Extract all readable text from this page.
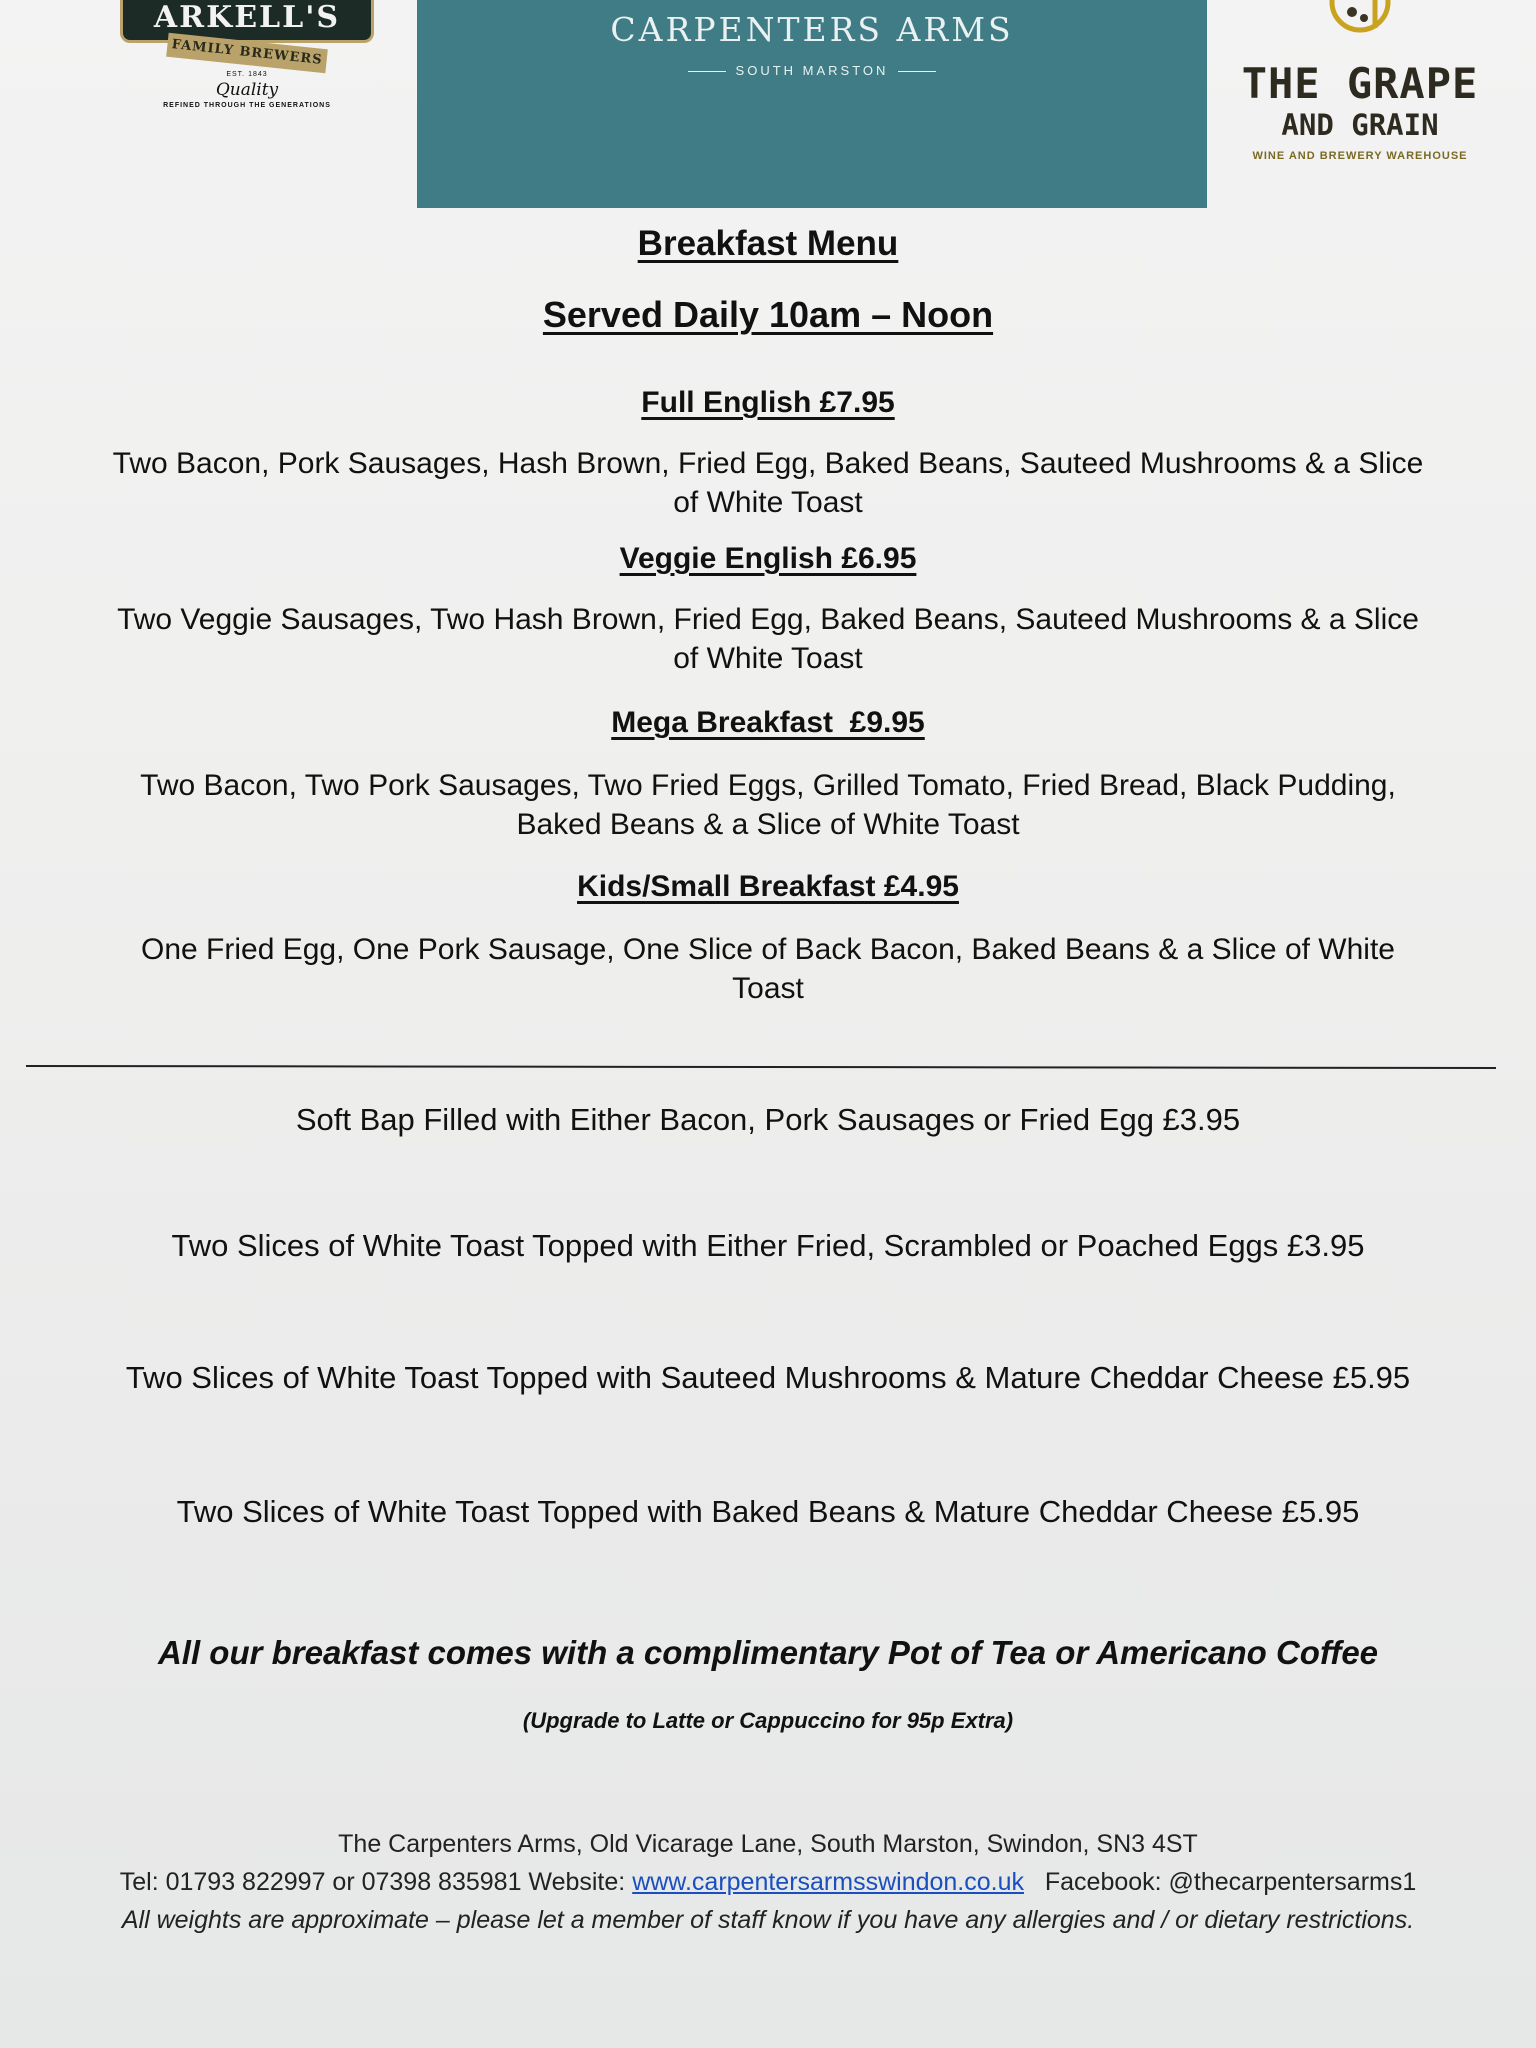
ARKELL'S
FAMILY BREWERS
EST. 1843
Quality
REFINED THROUGH THE GENERATIONS
CARPENTERS ARMS
SOUTH MARSTON	THE GRAPE
AND GRAIN
WINE AND BREWERY WAREHOUSE
Breakfast Menu
Served Daily 10am – Noon
Full English £7.95
Two Bacon, Pork Sausages, Hash Brown, Fried Egg, Baked Beans, Sauteed Mushrooms & a Slice
of White Toast
Veggie English £6.95
Two Veggie Sausages, Two Hash Brown, Fried Egg, Baked Beans, Sauteed Mushrooms & a Slice
of White Toast
Mega Breakfast  £9.95
Two Bacon, Two Pork Sausages, Two Fried Eggs, Grilled Tomato, Fried Bread, Black Pudding,
Baked Beans & a Slice of White Toast
Kids/Small Breakfast £4.95
One Fried Egg, One Pork Sausage, One Slice of Back Bacon, Baked Beans & a Slice of White
Toast
Soft Bap Filled with Either Bacon, Pork Sausages or Fried Egg £3.95
Two Slices of White Toast Topped with Either Fried, Scrambled or Poached Eggs £3.95
Two Slices of White Toast Topped with Sauteed Mushrooms & Mature Cheddar Cheese £5.95
Two Slices of White Toast Topped with Baked Beans & Mature Cheddar Cheese £5.95
All our breakfast comes with a complimentary Pot of Tea or Americano Coffee
(Upgrade to Latte or Cappuccino for 95p Extra)
The Carpenters Arms, Old Vicarage Lane, South Marston, Swindon, SN3 4ST
Tel: 01793 822997 or 07398 835981 Website: www.carpentersarmsswindon.co.uk Facebook: @thecarpentersarms1
All weights are approximate – please let a member of staff know if you have any allergies and / or dietary restrictions.
